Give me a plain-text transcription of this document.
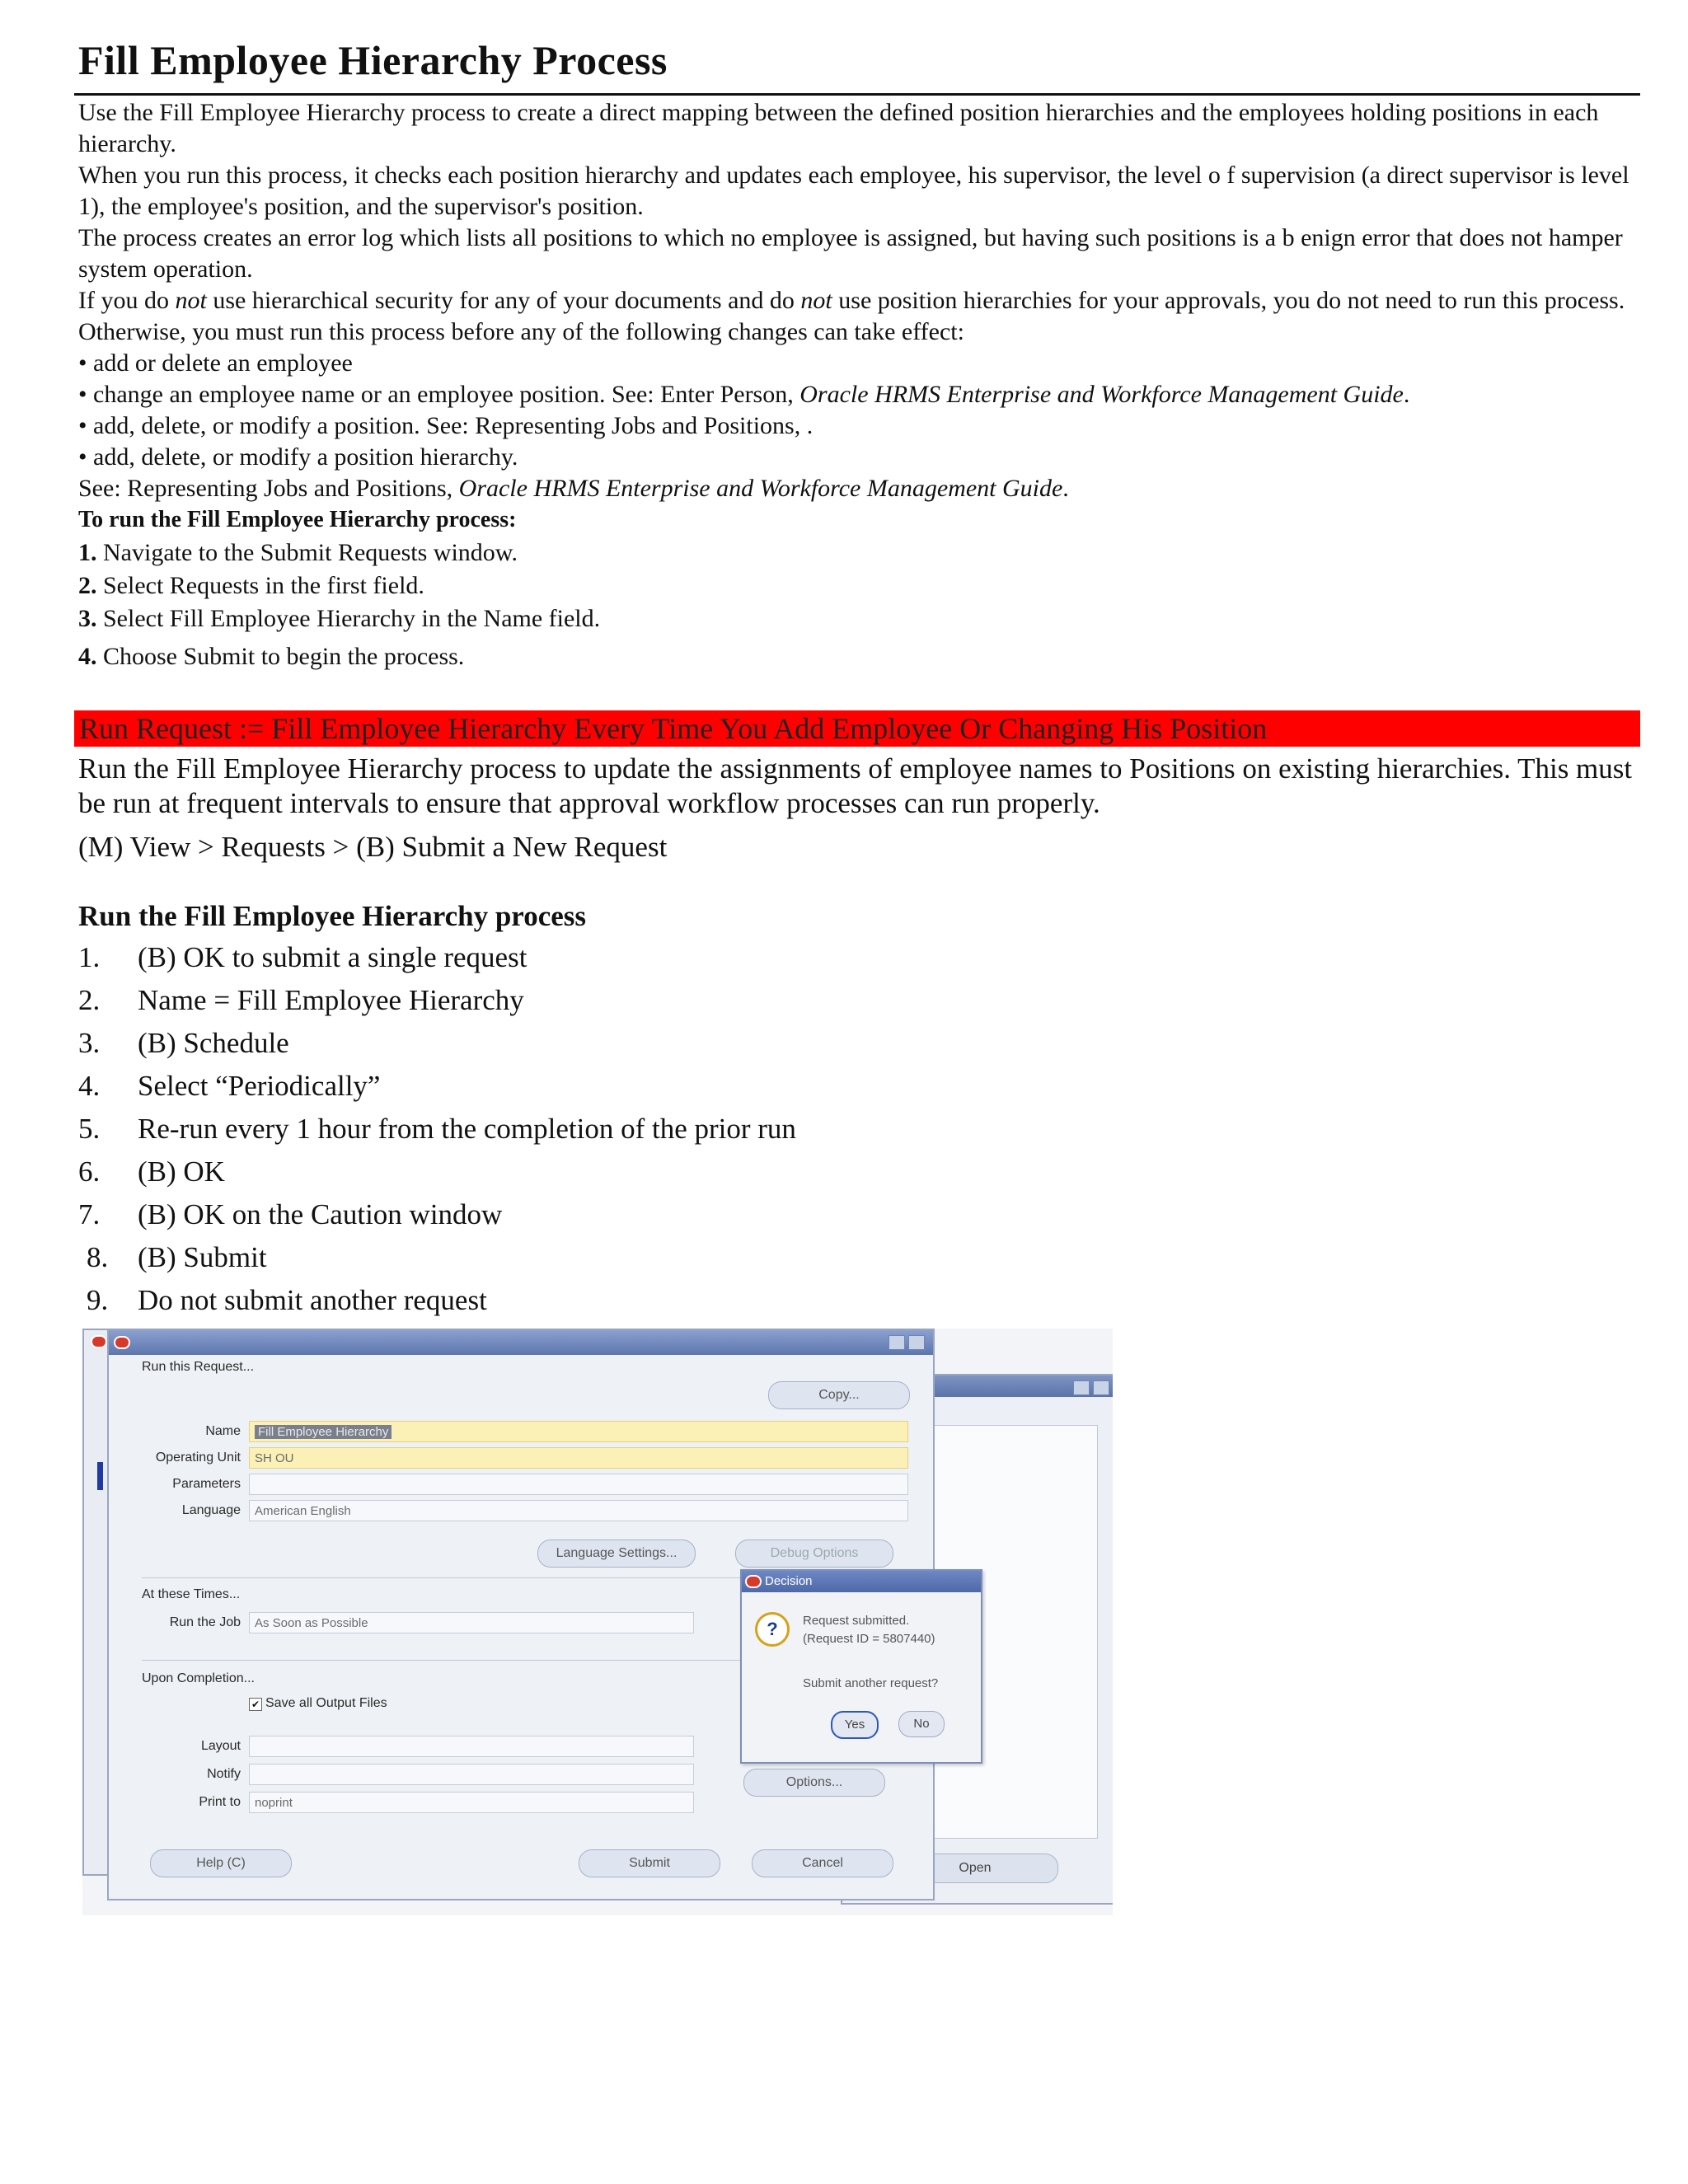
Fill Employee Hierarchy Process

Use the Fill Employee Hierarchy process to create a direct mapping between the defined position hierarchies and the employees holding positions in each hierarchy.

When you run this process, it checks each position hierarchy and updates each employee, his supervisor, the level o f supervision (a direct supervisor is level 1), the employee's position, and the supervisor's position.

The process creates an error log which lists all positions to which no employee is assigned, but having such positions is a b enign error that does not hamper system operation.

If you do not use hierarchical security for any of your documents and do not use position hierarchies for your approvals, you do not need to run this process. Otherwise, you must run this process before any of the following changes can take effect:

• add or delete an employee

• change an employee name or an employee position. See: Enter Person, Oracle HRMS Enterprise and Workforce Management Guide.

• add, delete, or modify a position. See: Representing Jobs and Positions, .

• add, delete, or modify a position hierarchy.

See: Representing Jobs and Positions, Oracle HRMS Enterprise and Workforce Management Guide.

To run the Fill Employee Hierarchy process:

1. Navigate to the Submit Requests window.

2. Select Requests in the first field.

3. Select Fill Employee Hierarchy in the Name field.

4. Choose Submit to begin the process.

Run Request := Fill Employee Hierarchy Every Time You Add Employee Or Changing His Position
Run the Fill Employee Hierarchy process to update the assignments of employee names to Positions on existing hierarchies. This must be run at frequent intervals to ensure that approval workflow processes can run properly.
(M) View > Requests > (B) Submit a New Request
Run the Fill Employee Hierarchy process
1.	(B) OK to submit a single request
2.	Name = Fill Employee Hierarchy
3.	(B) Schedule
4.	Select “Periodically”
5.	Re-run every 1 hour from the completion of the prior run
6.	(B) OK
7.	(B) OK on the Caution window
8.	(B) Submit
9.	Do not submit another request
Open
Run this Request...
Copy...
Name	Fill Employee Hierarchy
Operating Unit	SH OU
Parameters
Language	American English
Language Settings...	Debug Options
At these Times...
Run the Job	As Soon as Possible
Upon Completion...
✔ Save all Output Files
Layout
Notify
Print to	noprint
Options...
Help (C)	Submit	Cancel
Decision
?	Request submitted.
(Request ID = 5807440)
Submit another request?
Yes	No
